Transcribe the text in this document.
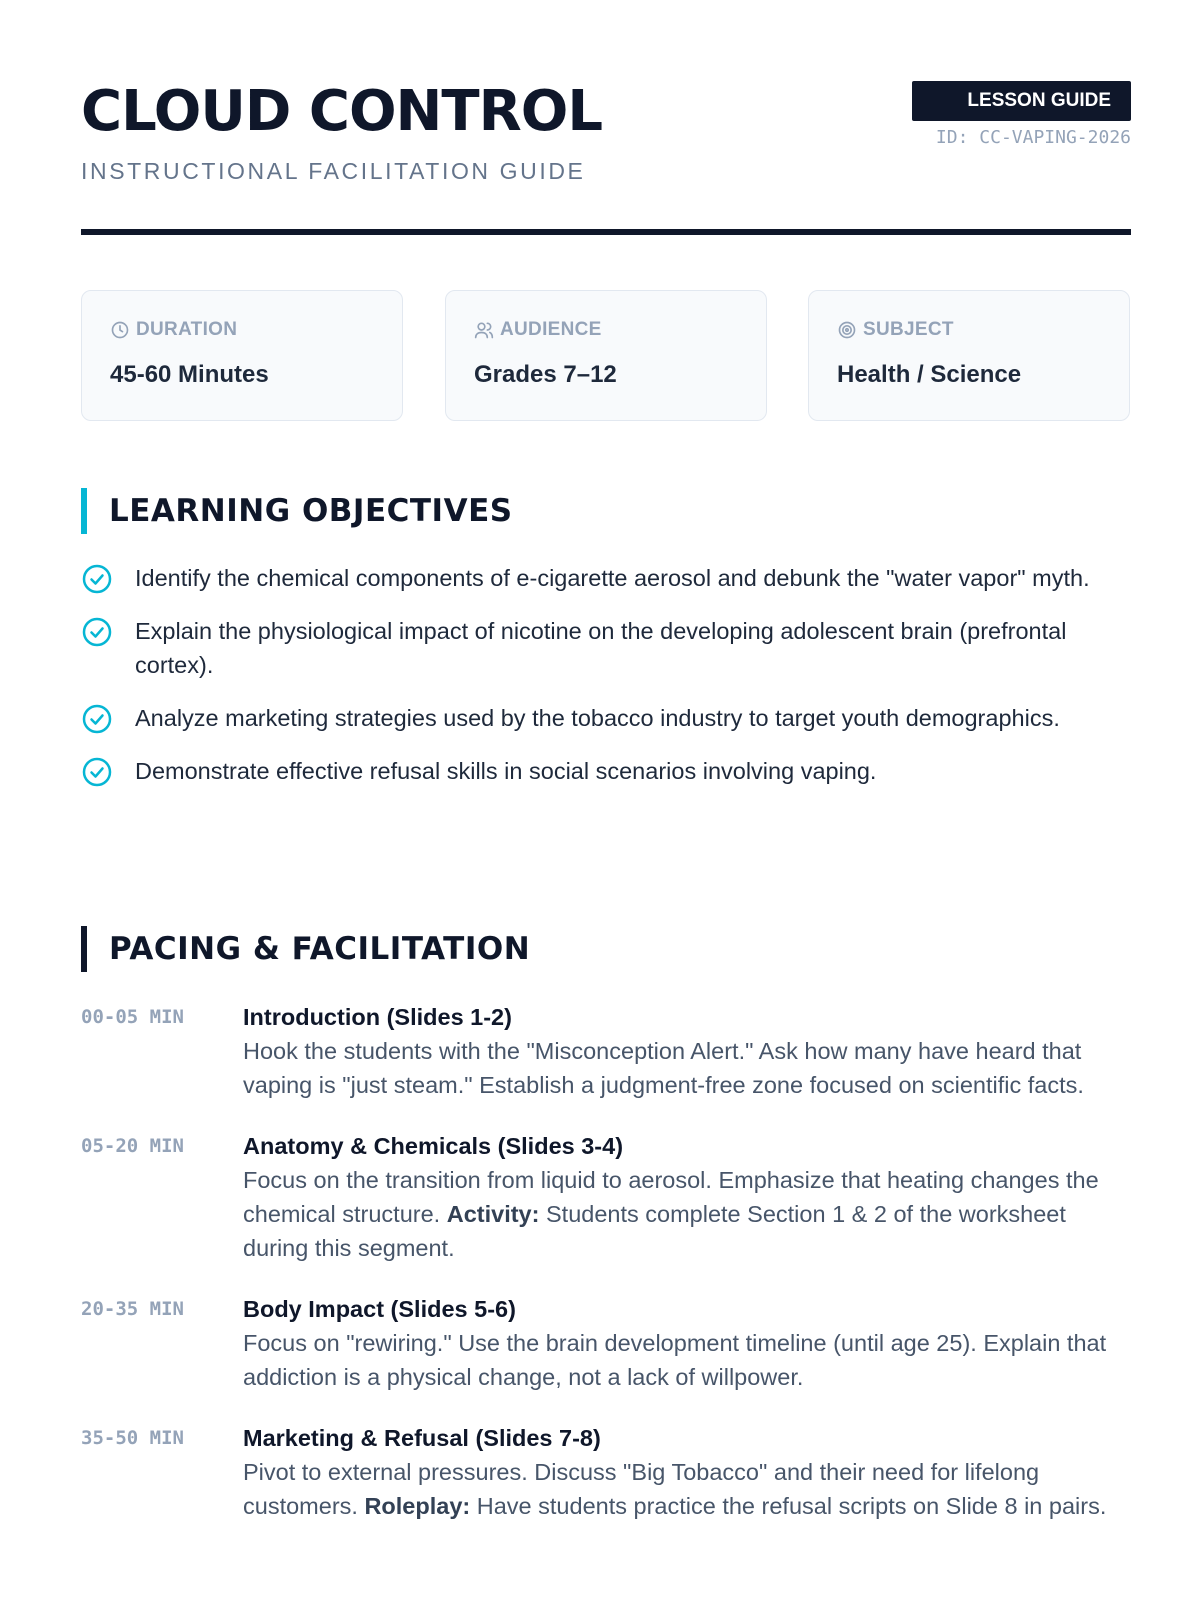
CLOUD CONTROL
INSTRUCTIONAL FACILITATION GUIDE
LESSON GUIDE
ID: CC-VAPING-2026
DURATION
45-60 Minutes
AUDIENCE
Grades 7–12
SUBJECT
Health / Science
LEARNING OBJECTIVES
Identify the chemical components of e-cigarette aerosol and debunk the "water vapor" myth.
Explain the physiological impact of nicotine on the developing adolescent brain (prefrontal cortex).
Analyze marketing strategies used by the tobacco industry to target youth demographics.
Demonstrate effective refusal skills in social scenarios involving vaping.
PACING & FACILITATION
00-05 MIN	Introduction (Slides 1-2)
Hook the students with the "Misconception Alert." Ask how many have heard that vaping is "just steam." Establish a judgment-free zone focused on scientific facts.
05-20 MIN	Anatomy & Chemicals (Slides 3-4)
Focus on the transition from liquid to aerosol. Emphasize that heating changes the chemical structure. Activity: Students complete Section 1 & 2 of the worksheet during this segment.
20-35 MIN	Body Impact (Slides 5-6)
Focus on "rewiring." Use the brain development timeline (until age 25). Explain that addiction is a physical change, not a lack of willpower.
35-50 MIN	Marketing & Refusal (Slides 7-8)
Pivot to external pressures. Discuss "Big Tobacco" and their need for lifelong customers. Roleplay: Have students practice the refusal scripts on Slide 8 in pairs.
